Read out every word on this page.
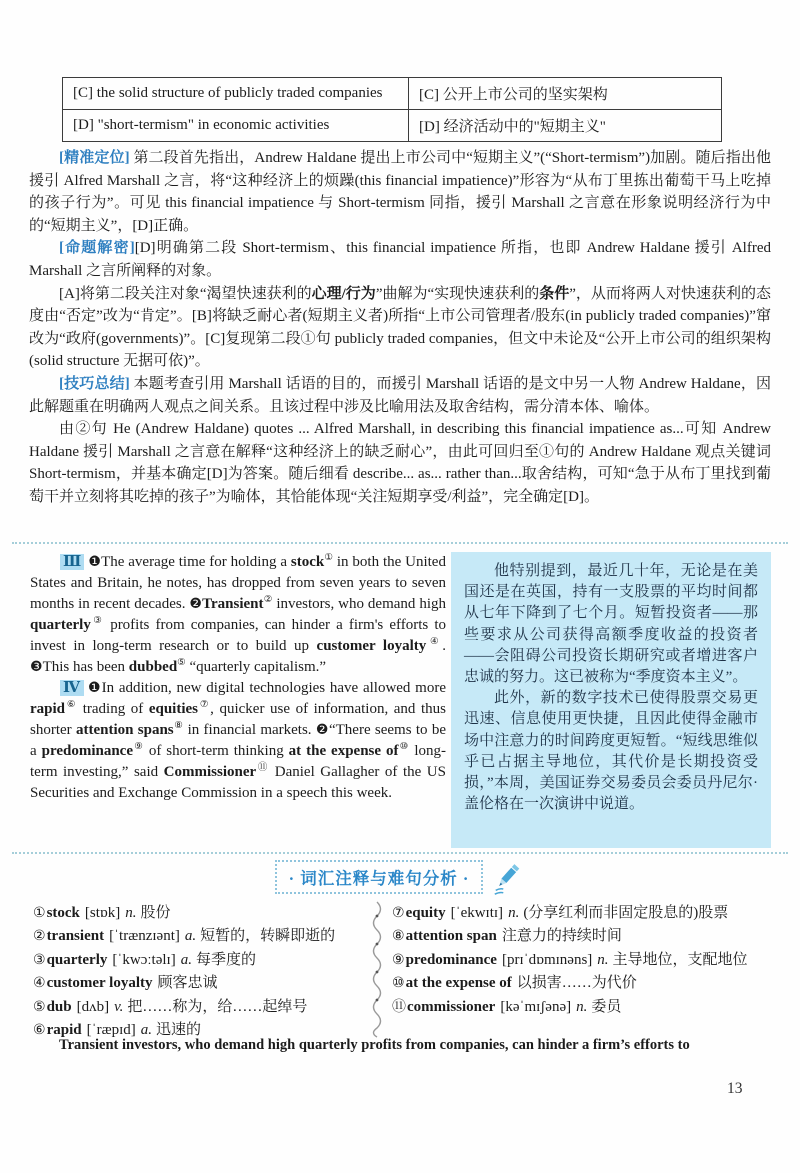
[C] the solid structure of publicly traded companies	[C] 公开上市公司的坚实架构
[D] "short-termism" in economic activities	[D] 经济活动中的"短期主义"

[精准定位] 第二段首先指出，Andrew Haldane 提出上市公司中“短期主义”(“Short-termism”)加剧。随后指出他援引 Alfred Marshall 之言，将“这种经济上的烦躁(this financial impatience)”形容为“从布丁里拣出葡萄干马上吃掉的孩子行为”。可见 this financial impatience 与 Short-termism 同指，援引 Marshall 之言意在形象说明经济行为中的“短期主义”，[D]正确。

[命题解密][D]明确第二段 Short-termism、this financial impatience 所指，也即 Andrew Haldane 援引 Alfred Marshall 之言所阐释的对象。

[A]将第二段关注对象“渴望快速获利的心理/行为”曲解为“实现快速获利的条件”，从而将两人对快速获利的态度由“否定”改为“肯定”。[B]将缺乏耐心者(短期主义者)所指“上市公司管理者/股东(in publicly traded companies)”窜改为“政府(governments)”。[C]复现第二段①句 publicly traded companies，但文中未论及“公开上市公司的组织架构(solid structure 无据可依)”。

[技巧总结] 本题考查引用 Marshall 话语的目的，而援引 Marshall 话语的是文中另一人物 Andrew Haldane，因此解题重在明确两人观点之间关系。且该过程中涉及比喻用法及取舍结构，需分清本体、喻体。

由②句 He (Andrew Haldane) quotes ... Alfred Marshall, in describing this financial impatience as...可知 Andrew Haldane 援引 Marshall 之言意在解释“这种经济上的缺乏耐心”，由此可回归至①句的 Andrew Haldane 观点关键词 Short-termism，并基本确定[D]为答案。随后细看 describe... as... rather than...取舍结构，可知“急于从布丁里找到葡萄干并立刻将其吃掉的孩子”为喻体，其恰能体现“关注短期享受/利益”，完全确定[D]。

Ⅲ ❶The average time for holding a stock① in both the United States and Britain, he notes, has dropped from seven years to seven months in recent decades. ❷Transient② investors, who demand high quarterly③ profits from companies, can hinder a firm's efforts to invest in long-term research or to build up customer loyalty④. ❸This has been dubbed⑤ “quarterly capitalism.”

Ⅳ ❶In addition, new digital technologies have allowed more rapid⑥ trading of equities⑦, quicker use of information, and thus shorter attention spans⑧ in financial markets. ❷“There seems to be a predominance⑨ of short-term thinking at the expense of⑩ long-term investing,” said Commissioner⑪ Daniel Gallagher of the US Securities and Exchange Commission in a speech this week.

他特别提到，最近几十年，无论是在美国还是在英国，持有一支股票的平均时间都从七年下降到了七个月。短暂投资者——那些要求从公司获得高额季度收益的投资者——会阻碍公司投资长期研究或者增进客户忠诚的努力。这已被称为“季度资本主义”。

此外，新的数字技术已使得股票交易更迅速、信息使用更快捷，且因此使得金融市场中注意力的时间跨度更短暂。“短线思维似乎已占据主导地位，其代价是长期投资受损，”本周，美国证券交易委员会委员丹尼尔·盖伦格在一次演讲中说道。

· 词汇注释与难句分析 ·
①stock [stɒk] n. 股份
②transient [ˈtrænzɪənt] a. 短暂的，转瞬即逝的
③quarterly [ˈkwɔːtəlɪ] a. 每季度的
④customer loyalty 顾客忠诚
⑤dub [dʌb] v. 把……称为，给……起绰号
⑥rapid [ˈræpɪd] a. 迅速的
⑦equity [ˈekwɪtɪ] n. (分享红利而非固定股息的)股票
⑧attention span 注意力的持续时间
⑨predominance [prɪˈdɒmɪnəns] n. 主导地位，支配地位
⑩at the expense of 以损害……为代价
⑪commissioner [kəˈmɪʃənə] n. 委员
Transient investors, who demand high quarterly profits from companies, can hinder a firm’s efforts to
13
